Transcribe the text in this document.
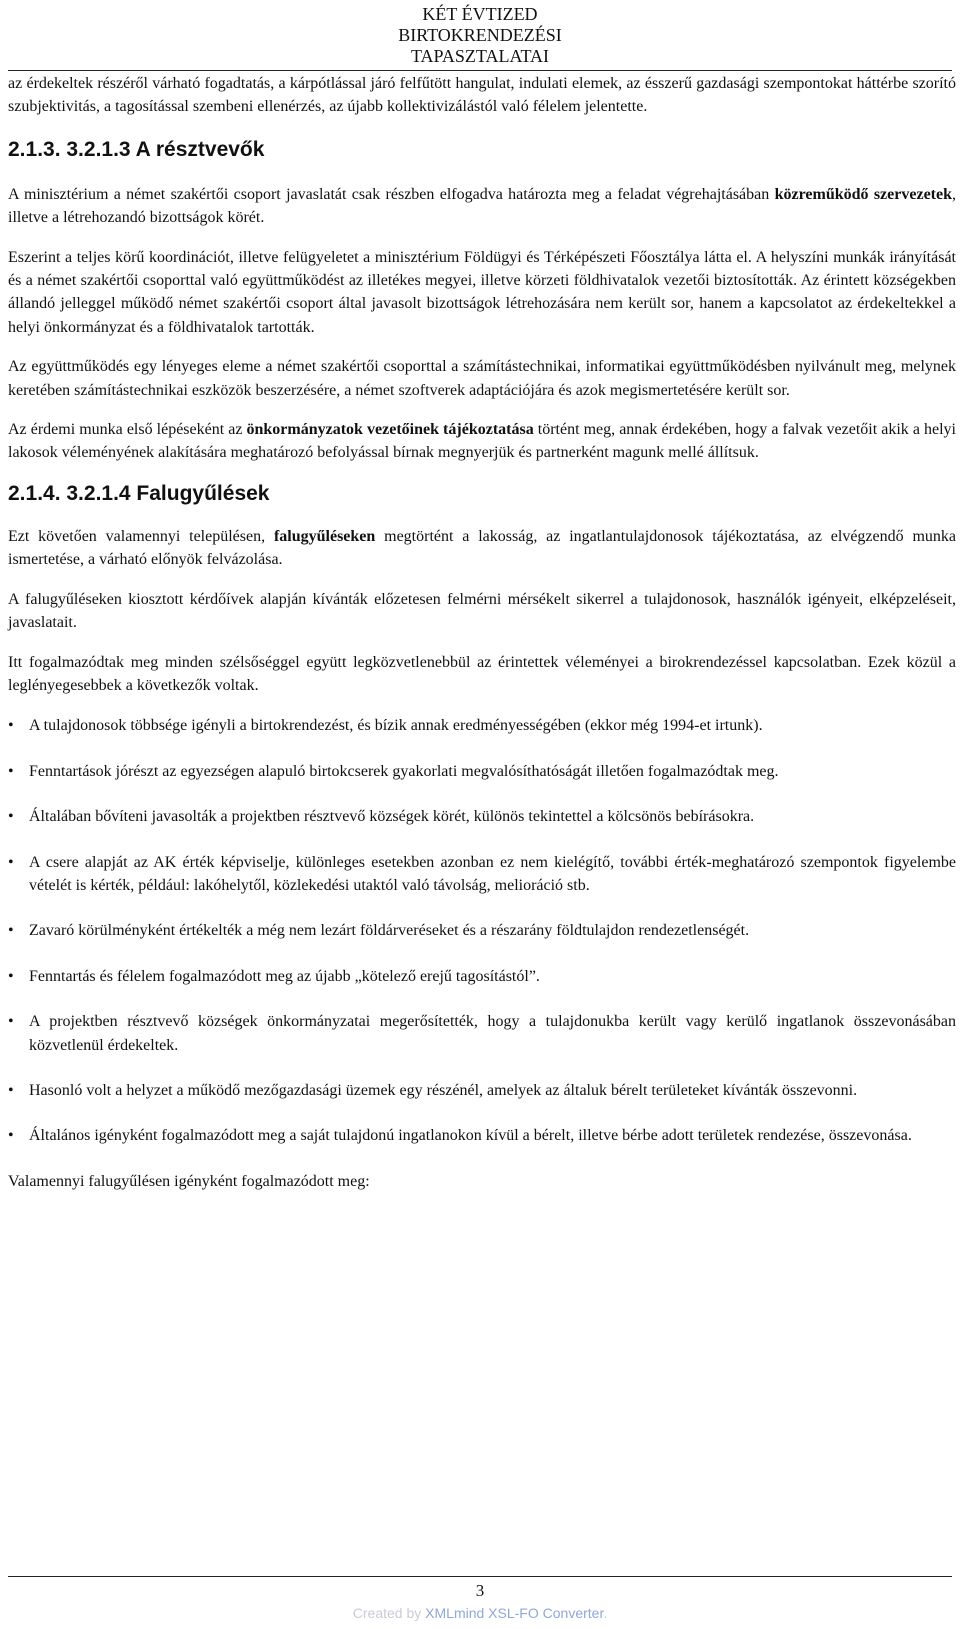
KÉT ÉVTIZED
BIRTOKRENDEZÉSI
TAPASZTALATAI

az érdekeltek részéről várható fogadtatás, a kárpótlással járó felfűtött hangulat, indulati elemek, az ésszerű gazdasági szempontokat háttérbe szorító szubjektivitás, a tagosítással szembeni ellenérzés, az újabb kollektivizálástól való félelem jelentette.

2.1.3. 3.2.1.3 A résztvevők

A minisztérium a német szakértői csoport javaslatát csak részben elfogadva határozta meg a feladat végrehajtásában közreműködő szervezetek, illetve a létrehozandó bizottságok körét.

Eszerint a teljes körű koordinációt, illetve felügyeletet a minisztérium Földügyi és Térképészeti Főosztálya látta el. A helyszíni munkák irányítását és a német szakértői csoporttal való együttműködést az illetékes megyei, illetve körzeti földhivatalok vezetői biztosították. Az érintett községekben állandó jelleggel működő német szakértői csoport által javasolt bizottságok létrehozására nem került sor, hanem a kapcsolatot az érdekeltekkel a helyi önkormányzat és a földhivatalok tartották.

Az együttműködés egy lényeges eleme a német szakértői csoporttal a számítástechnikai, informatikai együttműködésben nyilvánult meg, melynek keretében számítástechnikai eszközök beszerzésére, a német szoftverek adaptációjára és azok megismertetésére került sor.

Az érdemi munka első lépéseként az önkormányzatok vezetőinek tájékoztatása történt meg, annak érdekében, hogy a falvak vezetőit akik a helyi lakosok véleményének alakítására meghatározó befolyással bírnak megnyerjük és partnerként magunk mellé állítsuk.

2.1.4. 3.2.1.4 Falugyűlések

Ezt követően valamennyi településen, falugyűléseken megtörtént a lakosság, az ingatlantulajdonosok tájékoztatása, az elvégzendő munka ismertetése, a várható előnyök felvázolása.

A falugyűléseken kiosztott kérdőívek alapján kívánták előzetesen felmérni mérsékelt sikerrel a tulajdonosok, használók igényeit, elképzeléseit, javaslatait.

Itt fogalmazódtak meg minden szélsőséggel együtt legközvetlenebbül az érintettek véleményei a birokrendezéssel kapcsolatban. Ezek közül a leglényegesebbek a következők voltak.

• A tulajdonosok többsége igényli a birtokrendezést, és bízik annak eredményességében (ekkor még 1994-et irtunk).
• Fenntartások jórészt az egyezségen alapuló birtokcserek gyakorlati megvalósíthatóságát illetően fogalmazódtak meg.
• Általában bővíteni javasolták a projektben résztvevő községek körét, különös tekintettel a kölcsönös bebírásokra.
• A csere alapját az AK érték képviselje, különleges esetekben azonban ez nem kielégítő, további érték-meghatározó szempontok figyelembe vételét is kérték, például: lakóhelytől, közlekedési utaktól való távolság, melioráció stb.
• Zavaró körülményként értékelték a még nem lezárt földárveréseket és a részarány földtulajdon rendezetlenségét.
• Fenntartás és félelem fogalmazódott meg az újabb „kötelező erejű tagosítástól”.
• A projektben résztvevő községek önkormányzatai megerősítették, hogy a tulajdonukba került vagy kerülő ingatlanok összevonásában közvetlenül érdekeltek.
• Hasonló volt a helyzet a működő mezőgazdasági üzemek egy részénél, amelyek az általuk bérelt területeket kívánták összevonni.
• Általános igényként fogalmazódott meg a saját tulajdonú ingatlanokon kívül a bérelt, illetve bérbe adott területek rendezése, összevonása.

Valamennyi falugyűlésen igényként fogalmazódott meg:

3
Created by XMLmind XSL-FO Converter.
